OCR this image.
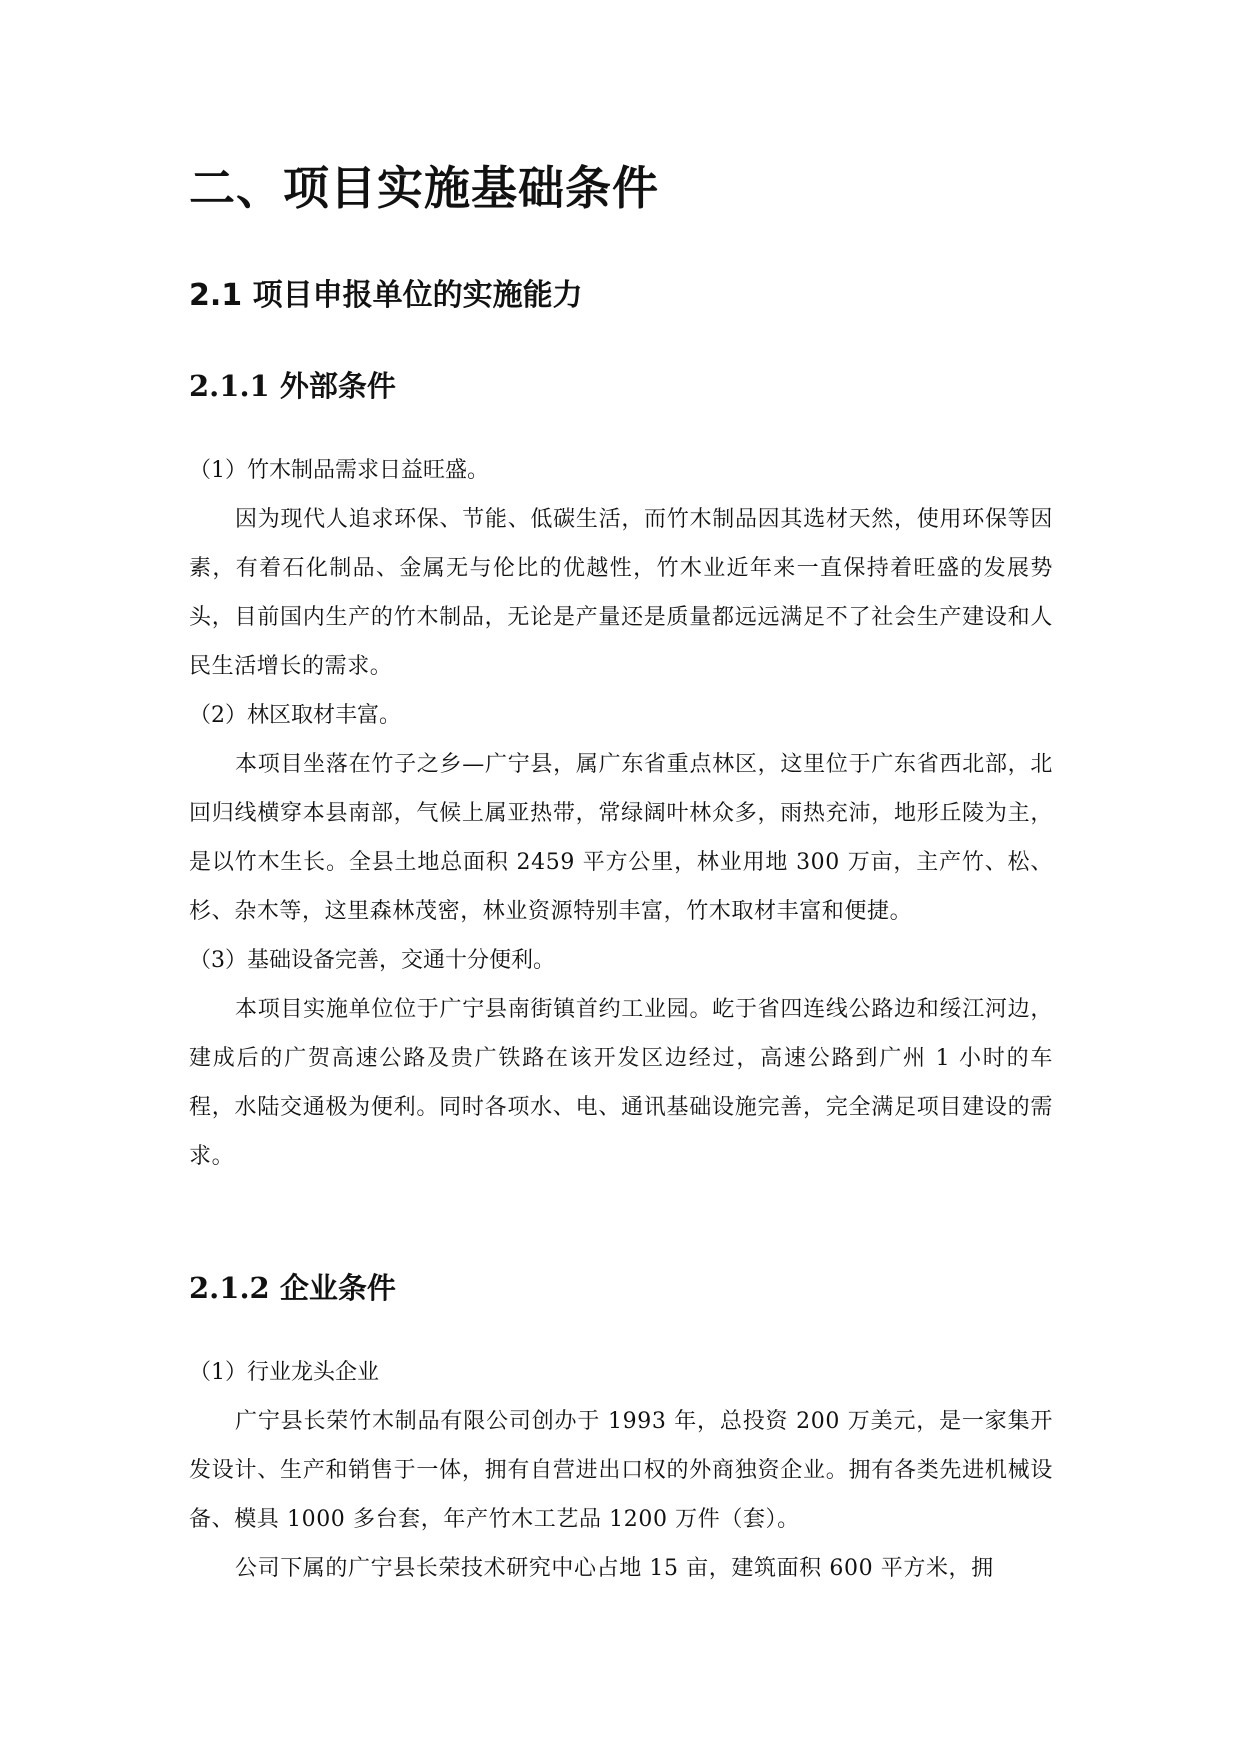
二、项目实施基础条件
2.1 项目申报单位的实施能力
2.1.1 外部条件

（1）竹木制品需求日益旺盛。

因为现代人追求环保、节能、低碳生活，而竹木制品因其选材天然，使用环保等因素，有着石化制品、金属无与伦比的优越性，竹木业近年来一直保持着旺盛的发展势头，目前国内生产的竹木制品，无论是产量还是质量都远远满足不了社会生产建设和人民生活增长的需求。

（2）林区取材丰富。

本项目坐落在竹子之乡—广宁县，属广东省重点林区，这里位于广东省西北部，北回归线横穿本县南部，气候上属亚热带，常绿阔叶林众多，雨热充沛，地形丘陵为主，是以竹木生长。全县土地总面积 2459 平方公里，林业用地 300 万亩，主产竹、松、杉、杂木等，这里森林茂密，林业资源特别丰富，竹木取材丰富和便捷。

（3）基础设备完善，交通十分便利。

本项目实施单位位于广宁县南街镇首约工业园。屹于省四连线公路边和绥江河边，建成后的广贺高速公路及贵广铁路在该开发区边经过，高速公路到广州 1 小时的车程，水陆交通极为便利。同时各项水、电、通讯基础设施完善，完全满足项目建设的需求。

2.1.2 企业条件

（1）行业龙头企业

广宁县长荣竹木制品有限公司创办于 1993 年，总投资 200 万美元，是一家集开发设计、生产和销售于一体，拥有自营进出口权的外商独资企业。拥有各类先进机械设备、模具 1000 多台套，年产竹木工艺品 1200 万件（套）。

公司下属的广宁县长荣技术研究中心占地 15 亩，建筑面积 600 平方米，拥
